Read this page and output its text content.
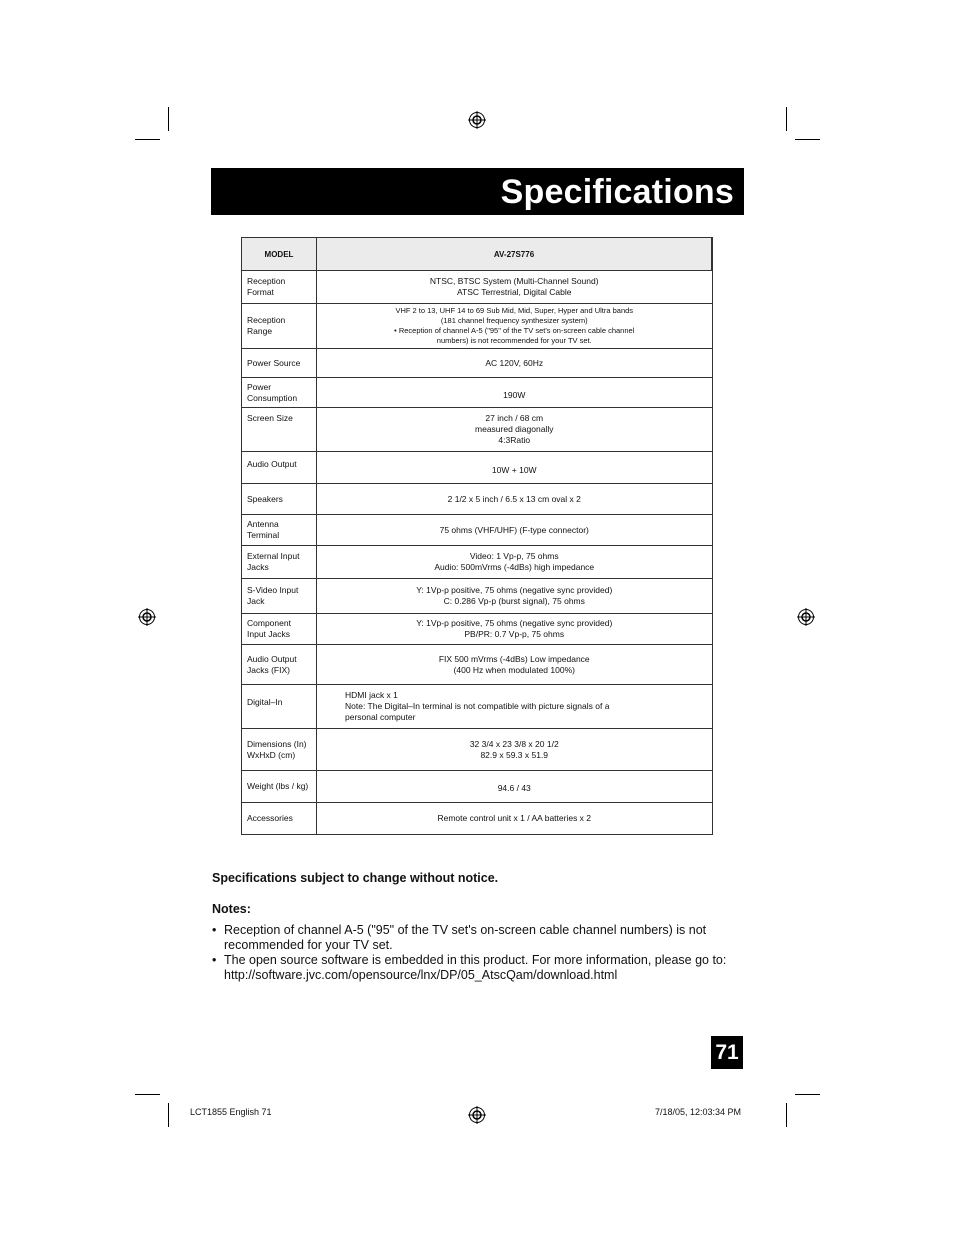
Specifications
MODEL	AV-27S776
Reception Format	NTSC, BTSC System (Multi-Channel Sound)
ATSC Terrestrial, Digital Cable

Reception Range	VHF 2 to 13, UHF 14 to 69 Sub Mid, Mid, Super, Hyper and Ultra bands
(181 channel frequency synthesizer system)
• Reception of channel A-5 ("95" of the TV set's on-screen cable channel
numbers) is not recommended for your TV set.

Power Source	AC 120V, 60Hz

Power Consumption	190W

Screen Size	27 inch / 68 cm
measured diagonally
4:3Ratio

Audio Output	10W + 10W

Speakers	2 1/2 x 5 inch / 6.5 x 13 cm oval x 2

Antenna Terminal	75 ohms (VHF/UHF) (F-type connector)

External Input Jacks	Video: 1 Vp-p, 75 ohms
Audio: 500mVrms (-4dBs) high impedance

S-Video Input Jack	Y: 1Vp-p positive, 75 ohms (negative sync provided)
C: 0.286 Vp-p (burst signal), 75 ohms

Component Input Jacks	Y: 1Vp-p positive, 75 ohms (negative sync provided)
PB/PR: 0.7 Vp-p, 75 ohms

Audio Output Jacks (FIX)	FIX 500 mVrms (-4dBs) Low impedance
(400 Hz when modulated 100%)

Digital–In	HDMI jack x 1
Note: The Digital–In terminal is not compatible with picture signals of a
personal computer

Dimensions (In) WxHxD (cm)	32 3/4 x 23 3/8 x 20 1/2
82.9 x 59.3 x 51.9

Weight (lbs / kg)	94.6 / 43

Accessories	Remote control unit x 1 / AA batteries x 2
Specifications subject to change without notice.
Notes:
• Reception of channel A-5 ("95" of the TV set's on-screen cable channel numbers) is not
recommended for your TV set.
• The open source software is embedded in this product. For more information, please go to:
http://software.jvc.com/opensource/lnx/DP/05_AtscQam/download.html
71
LCT1855 English 71	7/18/05, 12:03:34 PM
